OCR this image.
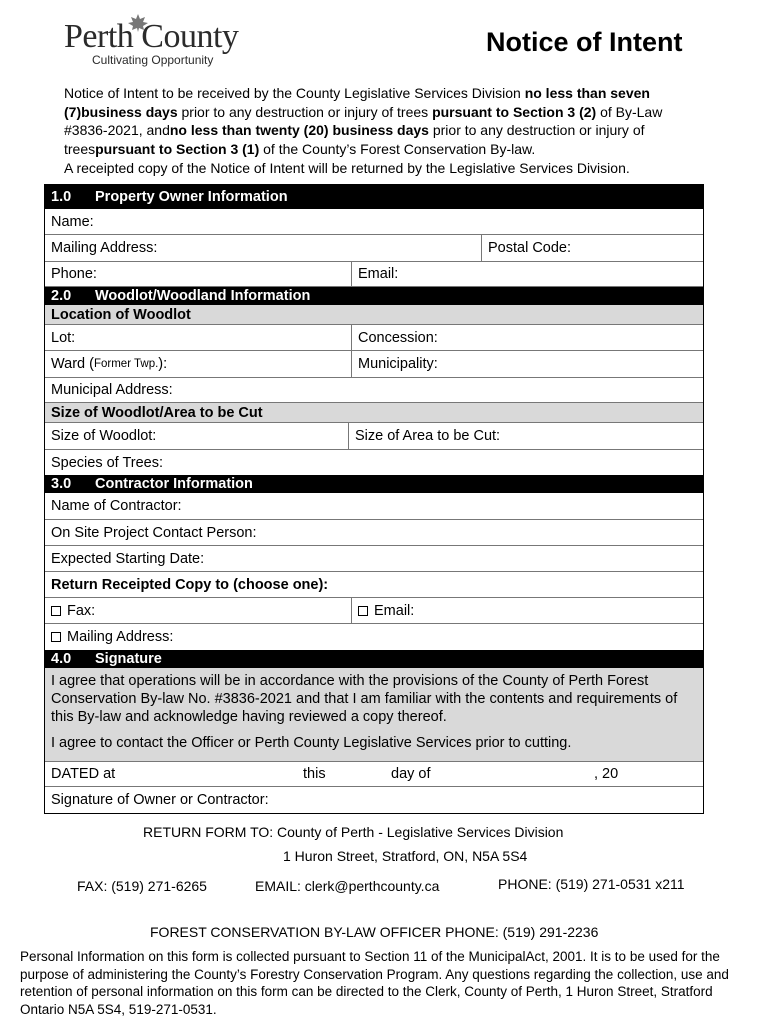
Perth County
Cultivating Opportunity
Notice of Intent
Notice of Intent to be received by the County Legislative Services Division no less than seven (7)business days prior to any destruction or injury of trees pursuant to Section 3 (2) of By-Law #3836-2021, andno less than twenty (20) business days prior to any destruction or injury of treespursuant to Section 3 (1) of the County’s Forest Conservation By-law.
A receipted copy of the Notice of Intent will be returned by the Legislative Services Division.
1.0 Property Owner Information
Name:
Mailing Address:	Postal Code:
Phone:	Email:
2.0 Woodlot/Woodland Information
Location of Woodlot
Lot:	Concession:
Ward ( Former Twp. ):	Municipality:
Municipal Address:
Size of Woodlot/Area to be Cut
Size of Woodlot:	Size of Area to be Cut:
Species of Trees:
3.0 Contractor Information
Name of Contractor:
On Site Project Contact Person:
Expected Starting Date:
Return Receipted Copy to (choose one):
Fax:	Email:
Mailing Address:
4.0 Signature
I agree that operations will be in accordance with the provisions of the County of Perth Forest Conservation By-law No. #3836-2021 and that I am familiar with the contents and requirements of this By-law and acknowledge having reviewed a copy thereof.
I agree to contact the Officer or Perth County Legislative Services prior to cutting.
DATED at	this	day of	, 20
Signature of Owner or Contractor:
RETURN FORM TO: County of Perth - Legislative Services Division
1 Huron Street, Stratford, ON, N5A 5S4
FAX: (519) 271-6265	EMAIL: clerk@perthcounty.ca	PHONE: (519) 271-0531 x211
FOREST CONSERVATION BY-LAW OFFICER PHONE: (519) 291-2236
Personal Information on this form is collected pursuant to Section 11 of the MunicipalAct, 2001. It is to be used for the purpose of administering the County’s Forestry Conservation Program. Any questions regarding the collection, use and retention of personal information on this form can be directed to the Clerk, County of Perth, 1 Huron Street, Stratford Ontario N5A 5S4, 519-271-0531.
